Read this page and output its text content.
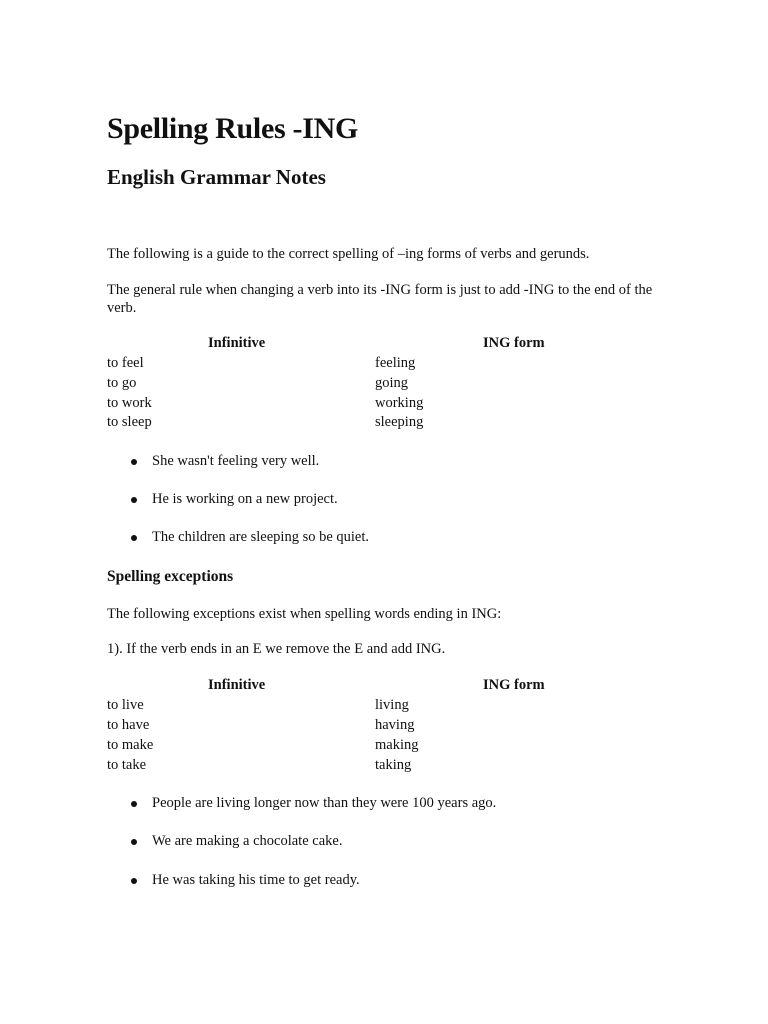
Spelling Rules -ING
English Grammar Notes

The following is a guide to the correct spelling of –ing forms of verbs and gerunds.

The general rule when changing a verb into its -ING form is just to add -ING to the end of the verb.

Infinitive	ING form
to feel	feeling
to go	going
to work	working
to sleep	sleeping
She wasn't feeling very well.
He is working on a new project.
The children are sleeping so be quiet.
Spelling exceptions

The following exceptions exist when spelling words ending in ING:

1). If the verb ends in an E we remove the E and add ING.

Infinitive	ING form
to live	living
to have	having
to make	making
to take	taking
People are living longer now than they were 100 years ago.
We are making a chocolate cake.
He was taking his time to get ready.
